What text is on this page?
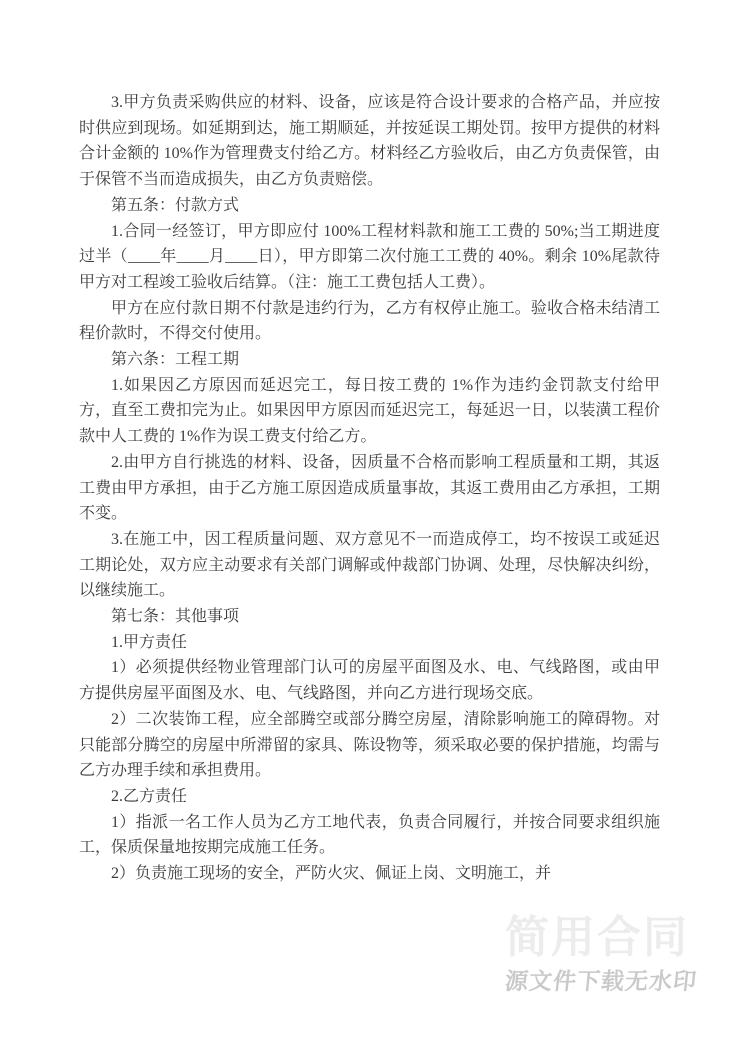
简用合同
源文件下载无水印

3.甲方负责采购供应的材料、设备，应该是符合设计要求的合格产品，并应按时供应到现场。如延期到达，施工期顺延，并按延误工期处罚。按甲方提供的材料合计金额的 10%作为管理费支付给乙方。材料经乙方验收后，由乙方负责保管，由于保管不当而造成损失，由乙方负责赔偿。

第五条：付款方式

1.合同一经签订，甲方即应付 100%工程材料款和施工工费的 50%;当工期进度过半（____年____月____日），甲方即第二次付施工工费的 40%。剩余 10%尾款待甲方对工程竣工验收后结算。（注：施工工费包括人工费）。

甲方在应付款日期不付款是违约行为，乙方有权停止施工。验收合格未结清工程价款时，不得交付使用。

第六条：工程工期

1.如果因乙方原因而延迟完工，每日按工费的 1%作为违约金罚款支付给甲方，直至工费扣完为止。如果因甲方原因而延迟完工，每延迟一日，以装潢工程价款中人工费的 1%作为误工费支付给乙方。

2.由甲方自行挑选的材料、设备，因质量不合格而影响工程质量和工期，其返工费由甲方承担，由于乙方施工原因造成质量事故，其返工费用由乙方承担，工期不变。

3.在施工中，因工程质量问题、双方意见不一而造成停工，均不按误工或延迟工期论处，双方应主动要求有关部门调解或仲裁部门协调、处理，尽快解决纠纷，以继续施工。

第七条：其他事项

1.甲方责任

1）必须提供经物业管理部门认可的房屋平面图及水、电、气线路图，或由甲方提供房屋平面图及水、电、气线路图，并向乙方进行现场交底。

2）二次装饰工程，应全部腾空或部分腾空房屋，清除影响施工的障碍物。对只能部分腾空的房屋中所滞留的家具、陈设物等，须采取必要的保护措施，均需与乙方办理手续和承担费用。

2.乙方责任

1）指派一名工作人员为乙方工地代表，负责合同履行，并按合同要求组织施工，保质保量地按期完成施工任务。

2）负责施工现场的安全，严防火灾、佩证上岗、文明施工，并
